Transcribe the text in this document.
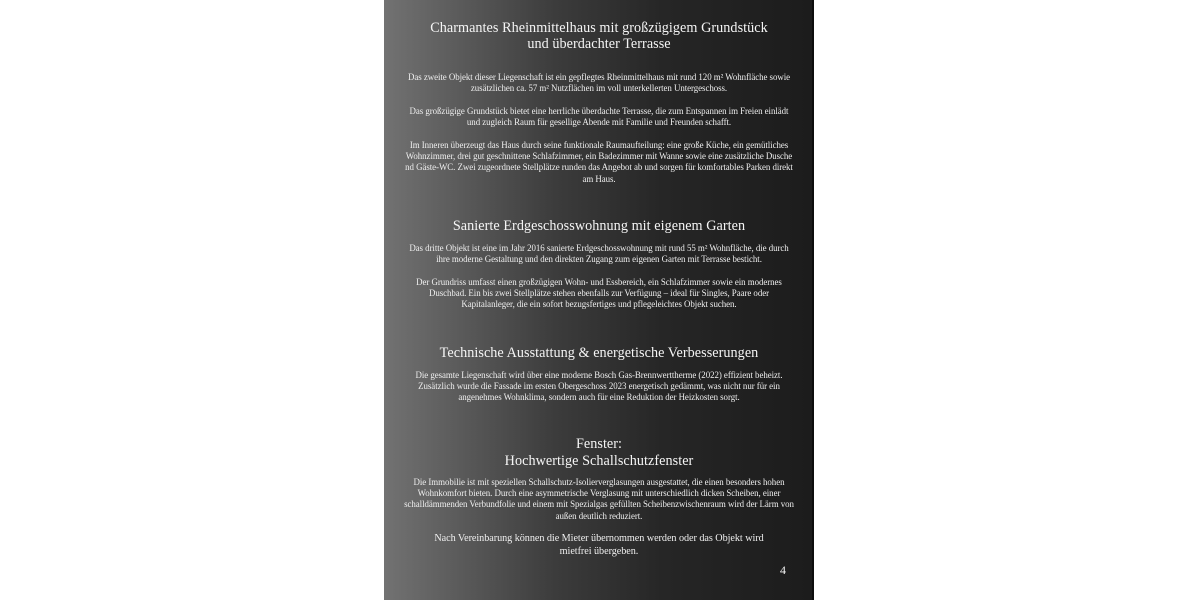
Charmantes Rheinmittelhaus mit großzügigem Grundstück
und überdachter Terrasse

Das zweite Objekt dieser Liegenschaft ist ein gepflegtes Rheinmittelhaus mit rund 120 m² Wohnfläche sowie zusätzlichen ca. 57 m² Nutzflächen im voll unterkellerten Untergeschoss.

Das großzügige Grundstück bietet eine herrliche überdachte Terrasse, die zum Entspannen im Freien einlädt und zugleich Raum für gesellige Abende mit Familie und Freunden schafft.

Im Inneren überzeugt das Haus durch seine funktionale Raumaufteilung: eine große Küche, ein gemütliches Wohnzimmer, drei gut geschnittene Schlafzimmer, ein Badezimmer mit Wanne sowie eine zusätzliche Dusche nd Gäste-WC. Zwei zugeordnete Stellplätze runden das Angebot ab und sorgen für komfortables Parken direkt am Haus.

Sanierte Erdgeschosswohnung mit eigenem Garten

Das dritte Objekt ist eine im Jahr 2016 sanierte Erdgeschosswohnung mit rund 55 m² Wohnfläche, die durch ihre moderne Gestaltung und den direkten Zugang zum eigenen Garten mit Terrasse besticht.

Der Grundriss umfasst einen großzügigen Wohn- und Essbereich, ein Schlafzimmer sowie ein modernes Duschbad. Ein bis zwei Stellplätze stehen ebenfalls zur Verfügung – ideal für Singles, Paare oder Kapitalanleger, die ein sofort bezugsfertiges und pflegeleichtes Objekt suchen.

Technische Ausstattung & energetische Verbesserungen

Die gesamte Liegenschaft wird über eine moderne Bosch Gas-Brennwerttherme (2022) effizient beheizt. Zusätzlich wurde die Fassade im ersten Obergeschoss 2023 energetisch gedämmt, was nicht nur für ein angenehmes Wohnklima, sondern auch für eine Reduktion der Heizkosten sorgt.

Fenster:
Hochwertige Schallschutzfenster

Die Immobilie ist mit speziellen Schallschutz-Isolierverglasungen ausgestattet, die einen besonders hohen Wohnkomfort bieten. Durch eine asymmetrische Verglasung mit unterschiedlich dicken Scheiben, einer schalldämmenden Verbundfolie und einem mit Spezialgas gefüllten Scheibenzwischenraum wird der Lärm von außen deutlich reduziert.

Nach Vereinbarung können die Mieter übernommen werden oder das Objekt wird mietfrei übergeben.

4
